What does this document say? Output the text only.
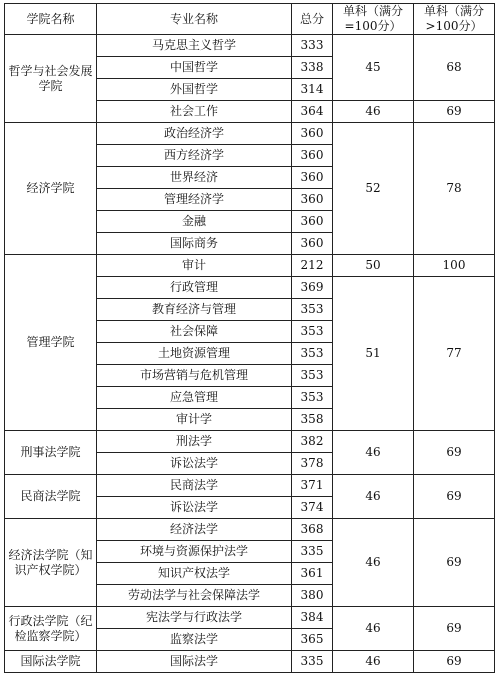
学院名称	专业名称	总分	单科（满分=100分）	单科（满分>100分）
哲学与社会发展学院	马克思主义哲学	333	45	68
	中国哲学	338		
	外国哲学	314		
	社会工作	364	46	69
经济学院	政治经济学	360	52	78
	西方经济学	360		
	世界经济	360		
	管理经济学	360		
	金融	360		
	国际商务	360		
管理学院	审计	212	50	100
	行政管理	369	51	77
	教育经济与管理	353		
	社会保障	353		
	土地资源管理	353		
	市场营销与危机管理	353		
	应急管理	353		
	审计学	358		
刑事法学院	刑法学	382	46	69
	诉讼法学	378		
民商法学院	民商法学	371	46	69
	诉讼法学	374		
经济法学院（知识产权学院）	经济法学	368	46	69
	环境与资源保护法学	335		
	知识产权法学	361		
	劳动法学与社会保障法学	380		
行政法学院（纪检监察学院）	宪法学与行政法学	384	46	69
	监察法学	365		
国际法学院	国际法学	335	46	69
